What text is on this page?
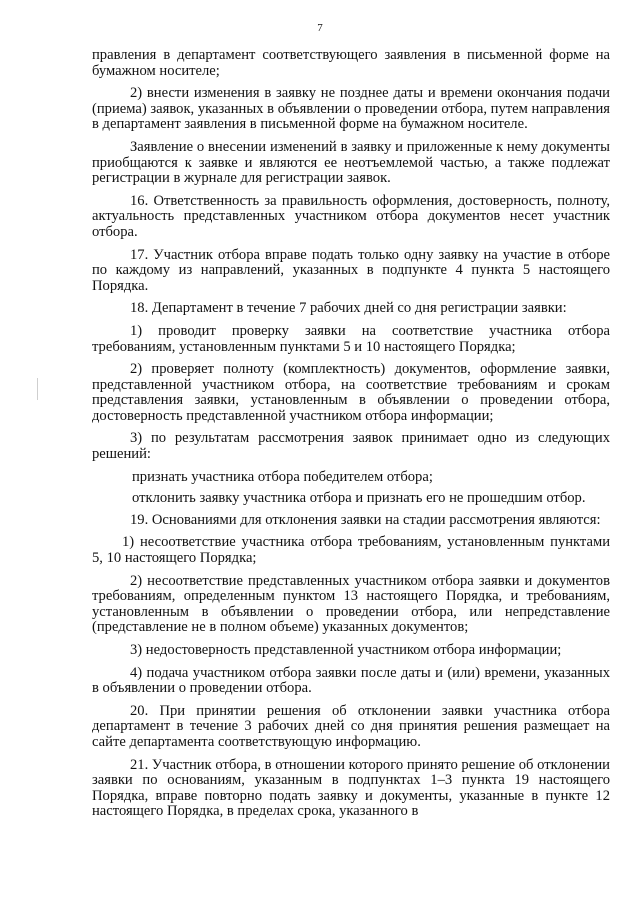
7

правления в департамент соответствующего заявления в письменной форме на бумажном носителе;

2) внести изменения в заявку не позднее даты и времени окончания подачи (приема) заявок, указанных в объявлении о проведении отбора, путем направления в департамент заявления в письменной форме на бумажном носителе.

Заявление о внесении изменений в заявку и приложенные к нему документы приобщаются к заявке и являются ее неотъемлемой частью, а также подлежат регистрации в журнале для регистрации заявок.

16. Ответственность за правильность оформления, достоверность, полноту, актуальность представленных участником отбора документов несет участник отбора.

17. Участник отбора вправе подать только одну заявку на участие в отборе по каждому из направлений, указанных в подпункте 4 пункта 5 настоящего Порядка.

18. Департамент в течение 7 рабочих дней со дня регистрации заявки:

1) проводит проверку заявки на соответствие участника отбора требованиям, установленным пунктами 5 и 10 настоящего Порядка;

2) проверяет полноту (комплектность) документов, оформление заявки, представленной участником отбора, на соответствие требованиям и срокам представления заявки, установленным в объявлении о проведении отбора, достоверность представленной участником отбора информации;

3) по результатам рассмотрения заявок принимает одно из следующих решений:

признать участника отбора победителем отбора;

отклонить заявку участника отбора и признать его не прошедшим отбор.

19. Основаниями для отклонения заявки на стадии рассмотрения являются:

1) несоответствие участника отбора требованиям, установленным пунктами 5, 10 настоящего Порядка;

2) несоответствие представленных участником отбора заявки и документов требованиям, определенным пунктом 13 настоящего Порядка, и требованиям, установленным в объявлении о проведении отбора, или непредставление (представление не в полном объеме) указанных документов;

3) недостоверность представленной участником отбора информации;

4) подача участником отбора заявки после даты и (или) времени, указанных в объявлении о проведении отбора.

20. При принятии решения об отклонении заявки участника отбора департамент в течение 3 рабочих дней со дня принятия решения размещает на сайте департамента соответствующую информацию.

21. Участник отбора, в отношении которого принято решение об отклонении заявки по основаниям, указанным в подпунктах 1–3 пункта 19 настоящего Порядка, вправе повторно подать заявку и документы, указанные в пункте 12 настоящего Порядка, в пределах срока, указанного в
